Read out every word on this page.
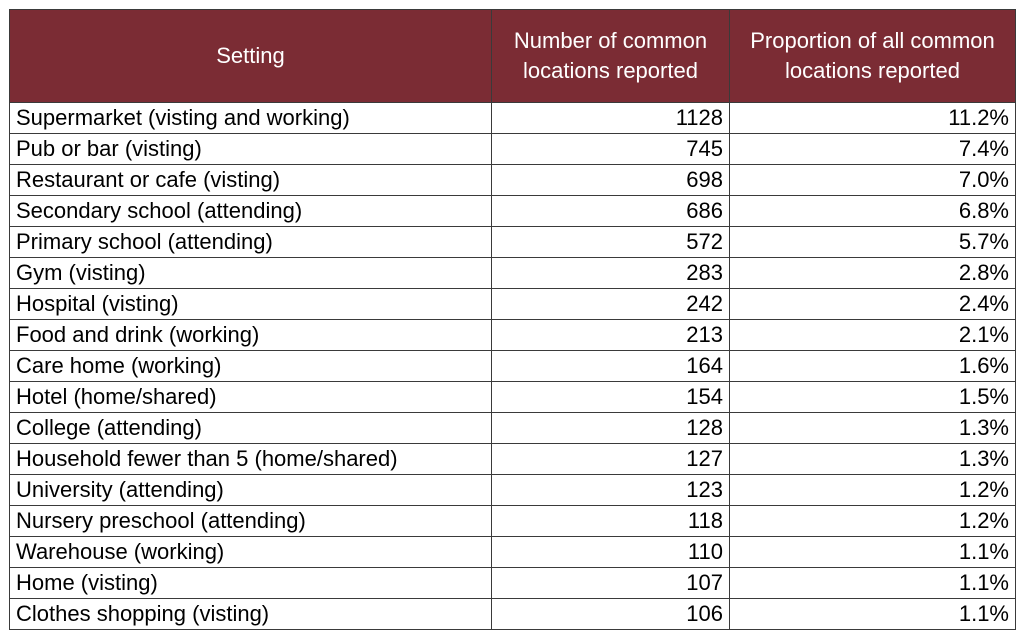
Setting	Number of common locations reported	Proportion of all common locations reported
Supermarket (visting and working)	1128	11.2%
Pub or bar (visting)	745	7.4%
Restaurant or cafe (visting)	698	7.0%
Secondary school (attending)	686	6.8%
Primary school (attending)	572	5.7%
Gym (visting)	283	2.8%
Hospital (visting)	242	2.4%
Food and drink (working)	213	2.1%
Care home (working)	164	1.6%
Hotel (home/shared)	154	1.5%
College (attending)	128	1.3%
Household fewer than 5 (home/shared)	127	1.3%
University (attending)	123	1.2%
Nursery preschool (attending)	118	1.2%
Warehouse (working)	110	1.1%
Home (visting)	107	1.1%
Clothes shopping (visting)	106	1.1%
